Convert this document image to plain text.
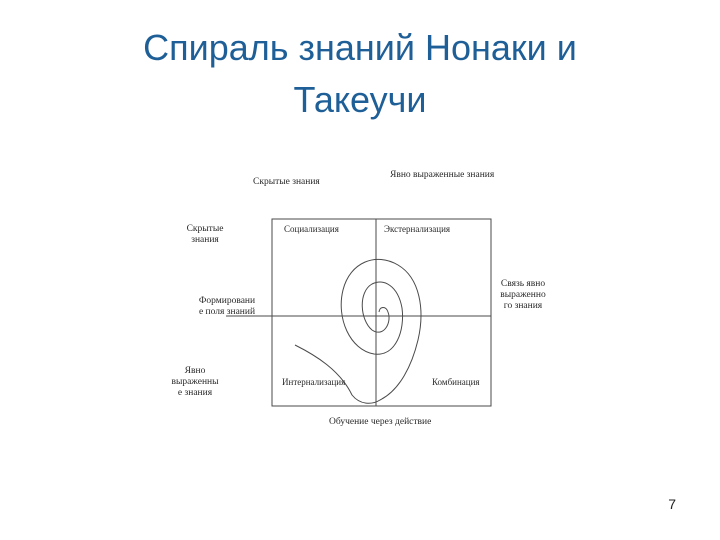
Спираль знаний Нонаки и
Такеучи
Скрытые знания
Явно выраженные знания
Скрытые
знания
Формировани
е поля знаний
Явно
выраженны
е знания
Связь явно
выраженно
го знания
Обучение через действие
Социализация	Экстернализация
Интернализация	Комбинация
7
